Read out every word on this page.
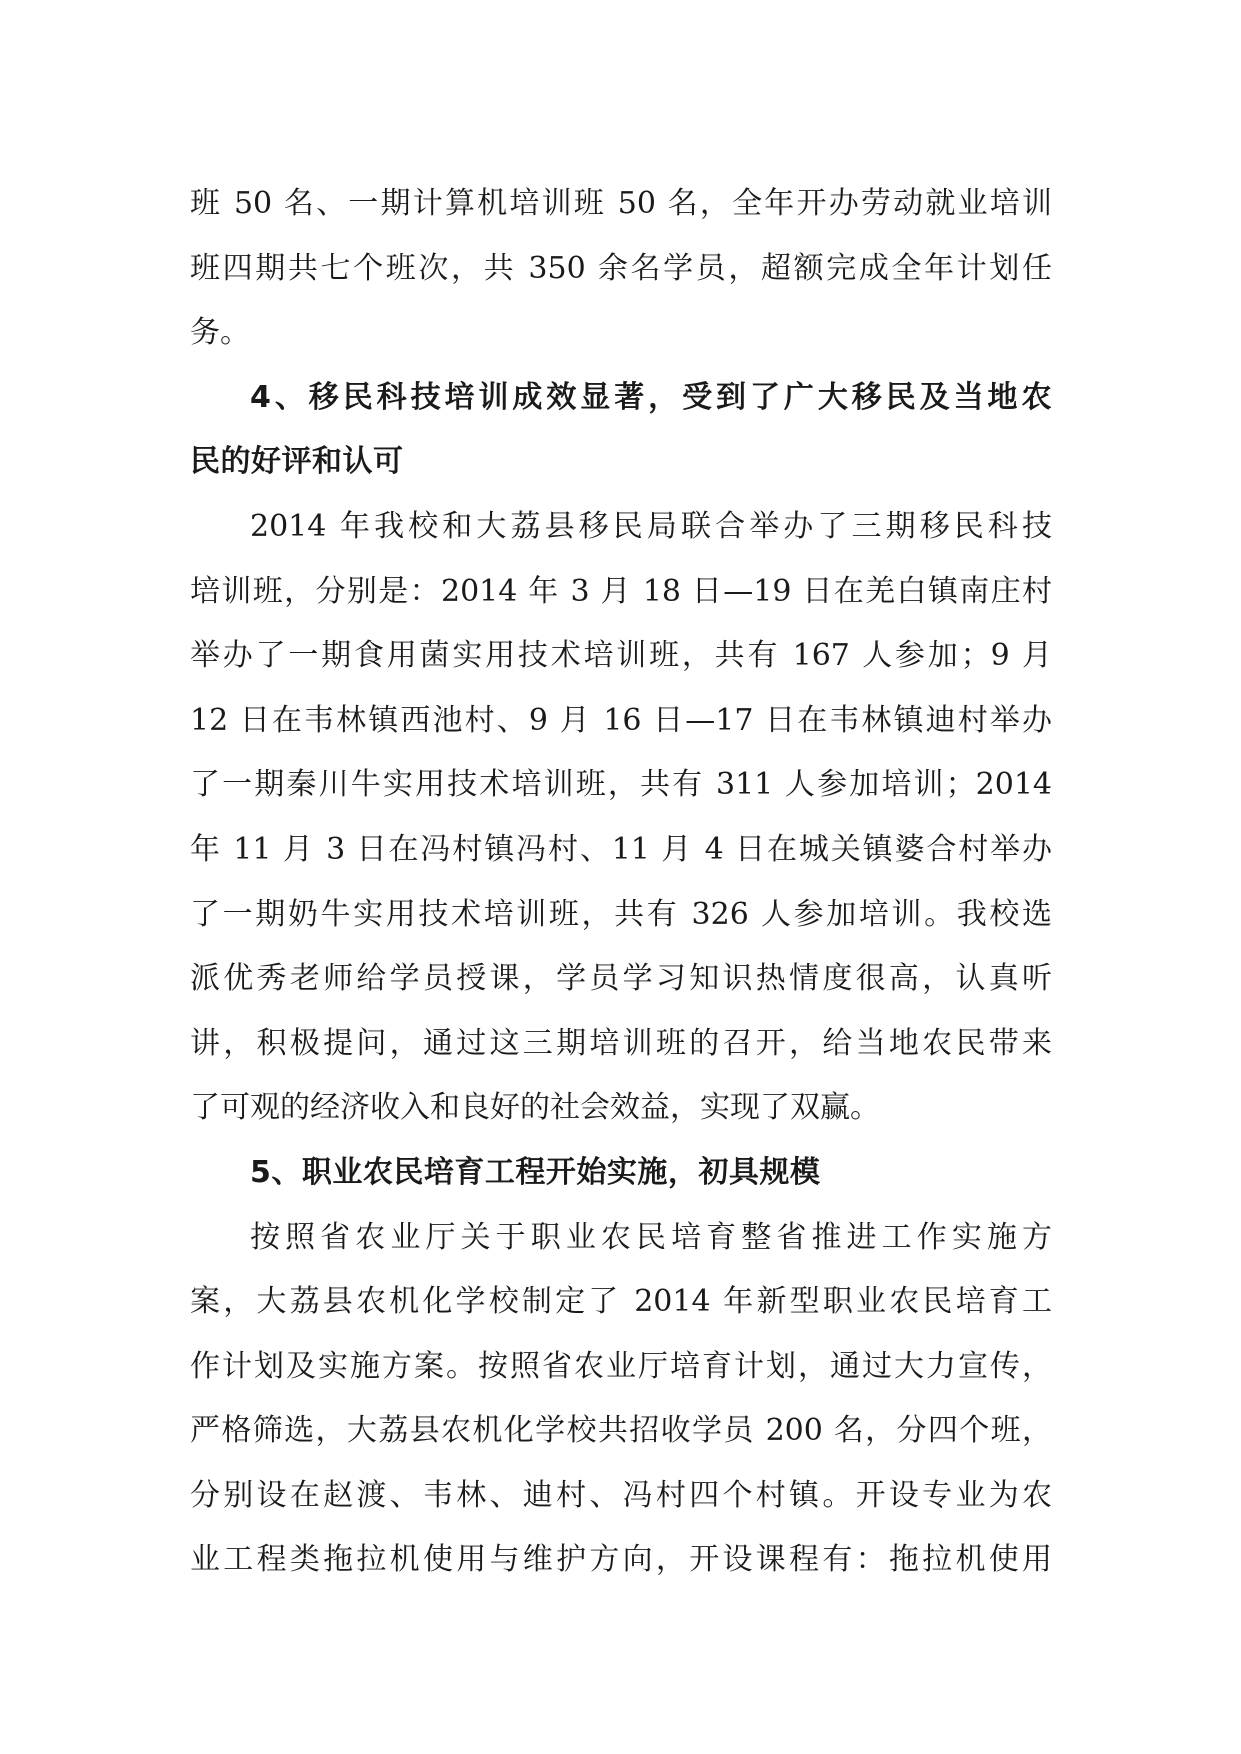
班 50 名、一期计算机培训班 50 名，全年开办劳动就业培训
班四期共七个班次，共 350 余名学员，超额完成全年计划任
务。

4、移民科技培训成效显著，受到了广大移民及当地农
民的好评和认可

2014 年我校和大荔县移民局联合举办了三期移民科技
培训班，分别是：2014 年 3 月 18 日—19 日在羌白镇南庄村
举办了一期食用菌实用技术培训班，共有 167 人参加；9 月
12 日在韦林镇西池村、9 月 16 日—17 日在韦林镇迪村举办
了一期秦川牛实用技术培训班，共有 311 人参加培训；2014
年 11 月 3 日在冯村镇冯村、11 月 4 日在城关镇婆合村举办
了一期奶牛实用技术培训班，共有 326 人参加培训。我校选
派优秀老师给学员授课，学员学习知识热情度很高，认真听
讲，积极提问，通过这三期培训班的召开，给当地农民带来
了可观的经济收入和良好的社会效益，实现了双赢。

5、职业农民培育工程开始实施，初具规模

按照省农业厅关于职业农民培育整省推进工作实施方
案，大荔县农机化学校制定了 2014 年新型职业农民培育工
作计划及实施方案。按照省农业厅培育计划，通过大力宣传，
严格筛选，大荔县农机化学校共招收学员 200 名，分四个班，
分别设在赵渡、韦林、迪村、冯村四个村镇。开设专业为农
业工程类拖拉机使用与维护方向，开设课程有：拖拉机使用
